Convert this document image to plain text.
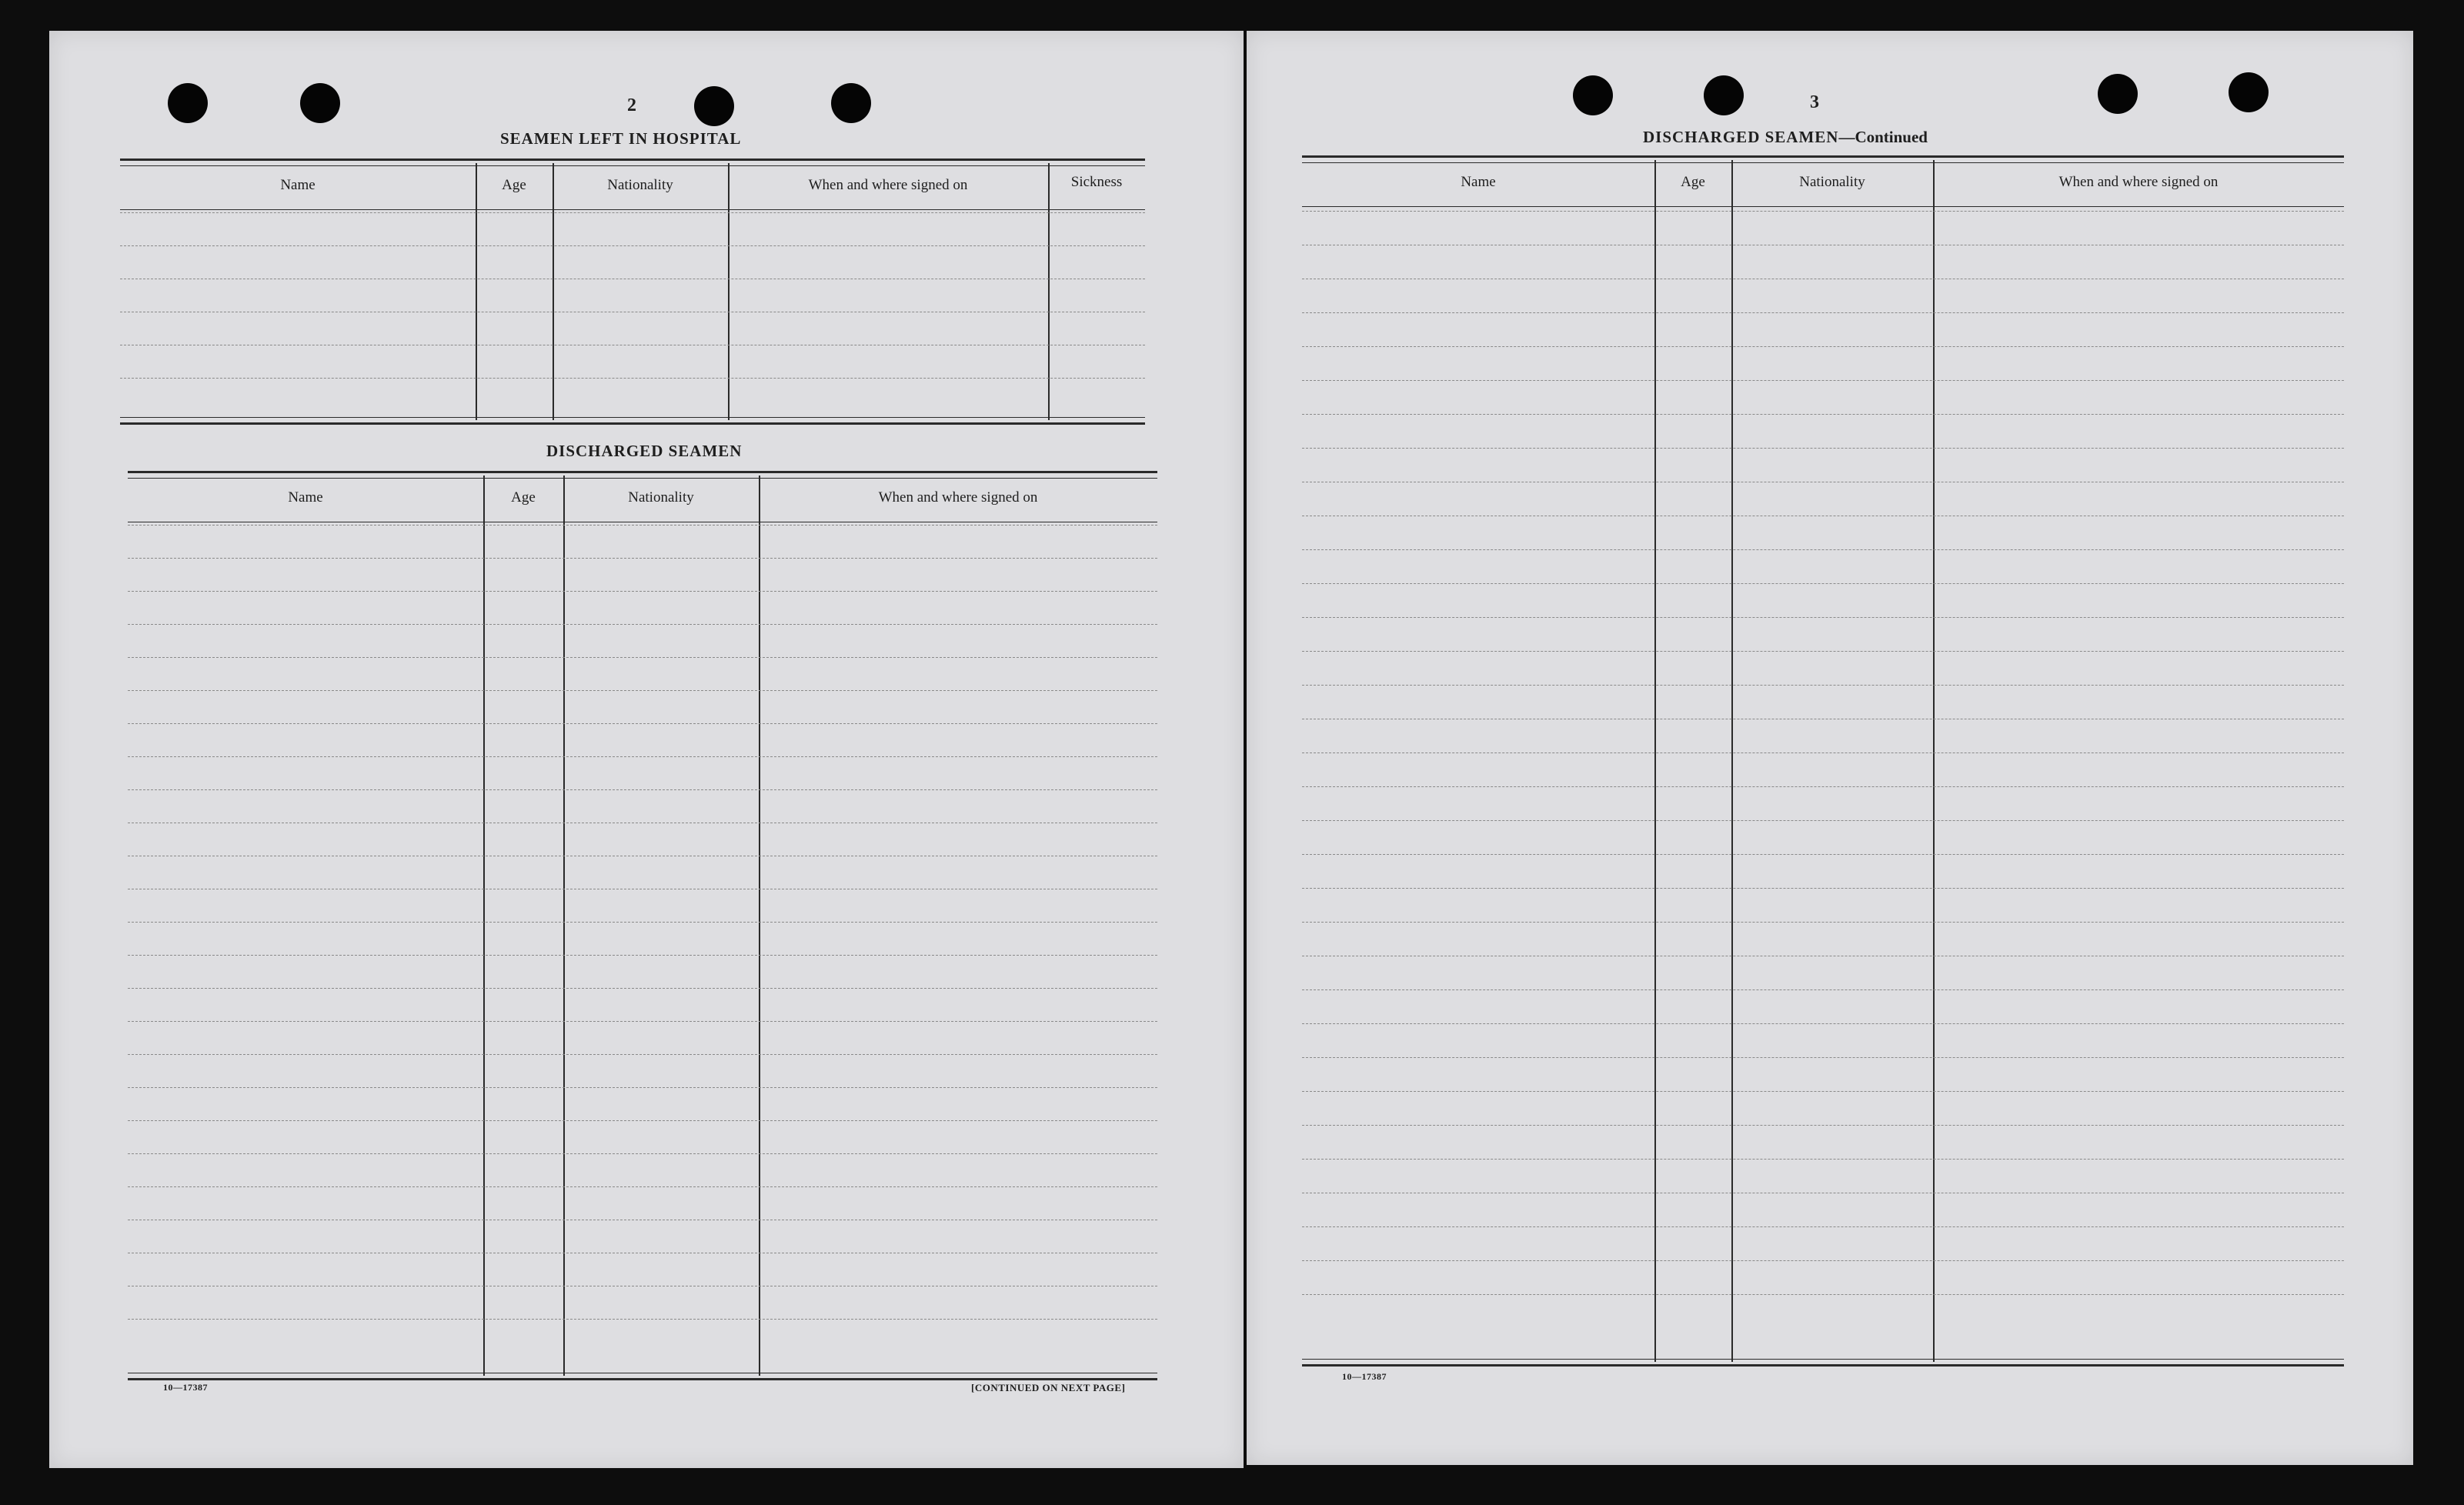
2
SEAMEN LEFT IN HOSPITAL
Name	Age	Nationality	When and where signed on	Sickness
DISCHARGED SEAMEN
Name	Age	Nationality	When and where signed on
10—17387	[CONTINUED ON NEXT PAGE]
3
DISCHARGED SEAMEN—Continued
Name	Age	Nationality	When and where signed on
10—17387
